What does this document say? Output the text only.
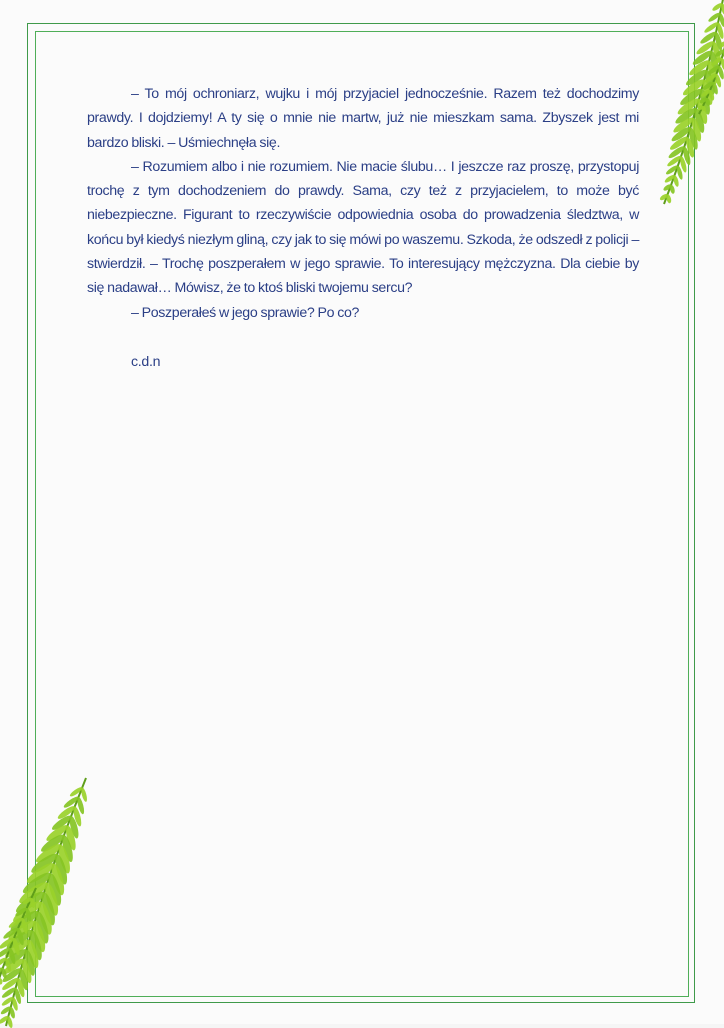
– To mój ochroniarz, wujku i mój przyjaciel jednocześnie. Razem też dochodzimy prawdy. I dojdziemy! A ty się o mnie nie martw, już nie mieszkam sama. Zbyszek jest mi bardzo bliski. – Uśmiechnęła się.

– Rozumiem albo i nie rozumiem. Nie macie ślubu… I jeszcze raz proszę, przystopuj trochę z tym dochodzeniem do prawdy. Sama, czy też z przyjacielem, to może być niebezpieczne. Figurant to rzeczywiście odpowiednia osoba do prowadzenia śledztwa, w końcu był kiedyś niezłym gliną, czy jak to się mówi po waszemu. Szkoda, że odszedł z policji – stwierdził. – Trochę poszperałem w jego sprawie. To interesujący mężczyzna. Dla ciebie by się nadawał… Mówisz, że to ktoś bliski twojemu sercu?

– Poszperałeś w jego sprawie? Po co?

c.d.n
